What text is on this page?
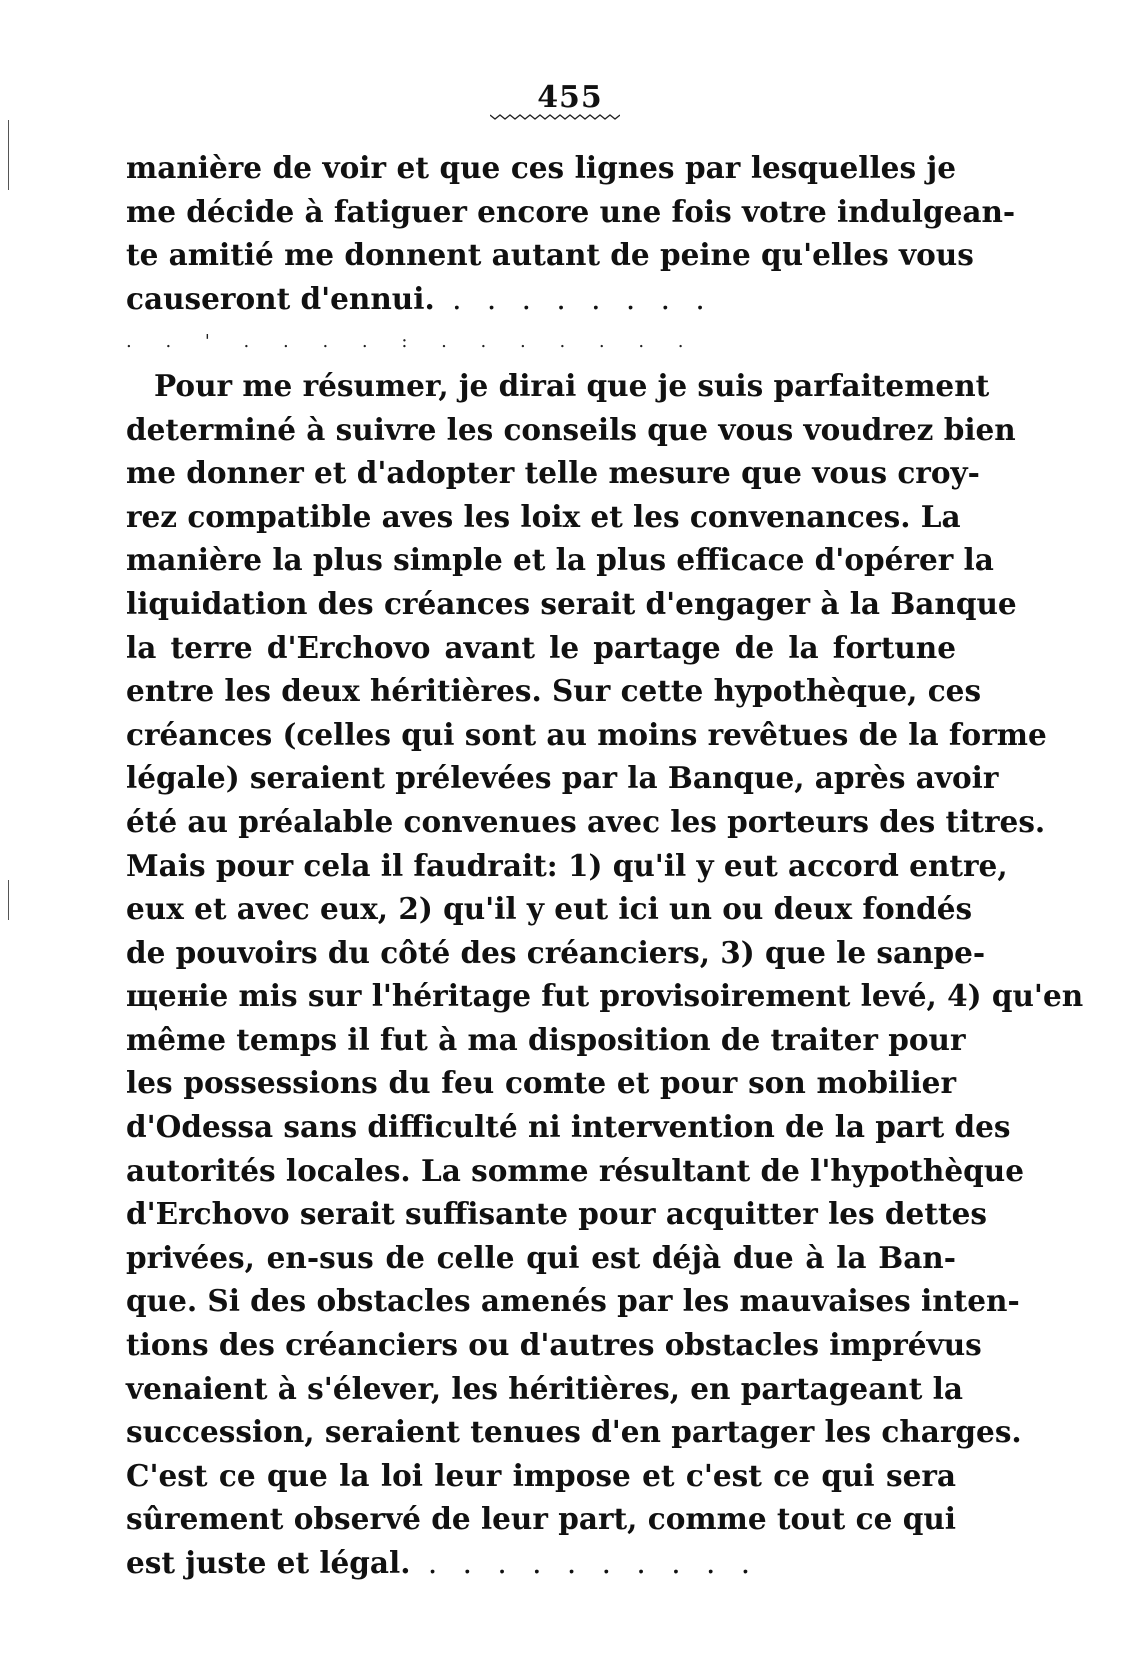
455
manière de voir et que ces lignes par lesquelles je
me décide à fatiguer encore une fois votre indulgean-
te amitié me donnent autant de peine qu'elles vous
causeront d'ennui. . . . . . . . .
. . ' . . . . : . . . . . . .
Pour me résumer, je dirai que je suis parfaitement
determiné à suivre les conseils que vous voudrez bien
me donner et d'adopter telle mesure que vous croy-
rez compatible aves les loix et les convenances. La
manière la plus simple et la plus efficace d'opérer la
liquidation des créances serait d'engager à la Banque
la terre d'Erchovo avant le partage de la fortune
entre les deux héritières. Sur cette hypothèque, ces
créances (celles qui sont au moins revêtues de la forme
légale) seraient prélevées par la Banque, après avoir
été au préalable convenues avec les porteurs des titres.
Mais pour cela il faudrait: 1) qu'il y eut accord entre,
eux et avec eux, 2) qu'il y eut ici un ou deux fondés
de pouvoirs du côté des créanciers, 3) que le sanpe-
щенie mis sur l'héritage fut provisoirement levé, 4) qu'en
même temps il fut à ma disposition de traiter pour
les possessions du feu comte et pour son mobilier
d'Odessa sans difficulté ni intervention de la part des
autorités locales. La somme résultant de l'hypothèque
d'Erchovo serait suffisante pour acquitter les dettes
privées, en-sus de celle qui est déjà due à la Ban-
que. Si des obstacles amenés par les mauvaises inten-
tions des créanciers ou d'autres obstacles imprévus
venaient à s'élever, les héritières, en partageant la
succession, seraient tenues d'en partager les charges.
C'est ce que la loi leur impose et c'est ce qui sera
sûrement observé de leur part, comme tout ce qui
est juste et légal. . . . . . . . . . .
